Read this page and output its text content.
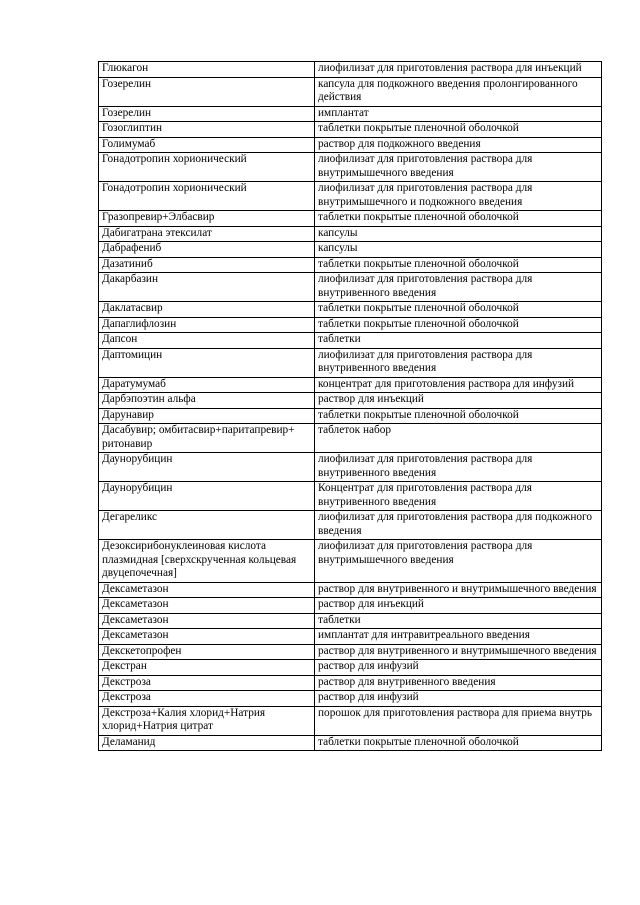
Глюкагон	лиофилизат для приготовления раствора для инъекций
Гозерелин	капсула для подкожного введения пролонгированного действия
Гозерелин	имплантат
Гозоглиптин	таблетки покрытые пленочной оболочкой
Голимумаб	раствор для подкожного введения
Гонадотропин хорионический	лиофилизат для приготовления раствора для внутримышечного введения
Гонадотропин хорионический	лиофилизат для приготовления раствора для внутримышечного и подкожного введения
Гразопревир+Элбасвир	таблетки покрытые пленочной оболочкой
Дабигатрана этексилат	капсулы
Дабрафениб	капсулы
Дазатиниб	таблетки покрытые пленочной оболочкой
Дакарбазин	лиофилизат для приготовления раствора для внутривенного введения
Даклатасвир	таблетки покрытые пленочной оболочкой
Дапаглифлозин	таблетки покрытые пленочной оболочкой
Дапсон	таблетки
Даптомицин	лиофилизат для приготовления раствора для внутривенного введения
Даратумумаб	концентрат для приготовления раствора для инфузий
Дарбэпоэтин альфа	раствор для инъекций
Дарунавир	таблетки покрытые пленочной оболочкой
Дасабувир; омбитасвир+паритапревир+ ритонавир	таблеток набор
Даунорубицин	лиофилизат для приготовления раствора для внутривенного введения
Даунорубицин	Концентрат для приготовления раствора для внутривенного введения
Дегареликс	лиофилизат для приготовления раствора для подкожного введения
Дезоксирибонуклеиновая кислота плазмидная [сверхскрученная кольцевая двуцепочечная]	лиофилизат для приготовления раствора для внутримышечного введения
Дексаметазон	раствор для внутривенного и внутримышечного введения
Дексаметазон	раствор для инъекций
Дексаметазон	таблетки
Дексаметазон	имплантат для интравитреального введения
Декскетопрофен	раствор для внутривенного и внутримышечного введения
Декстран	раствор для инфузий
Декстроза	раствор для внутривенного введения
Декстроза	раствор для инфузий
Декстроза+Калия хлорид+Натрия хлорид+Натрия цитрат	порошок для приготовления раствора для приема внутрь
Деламанид	таблетки покрытые пленочной оболочкой
